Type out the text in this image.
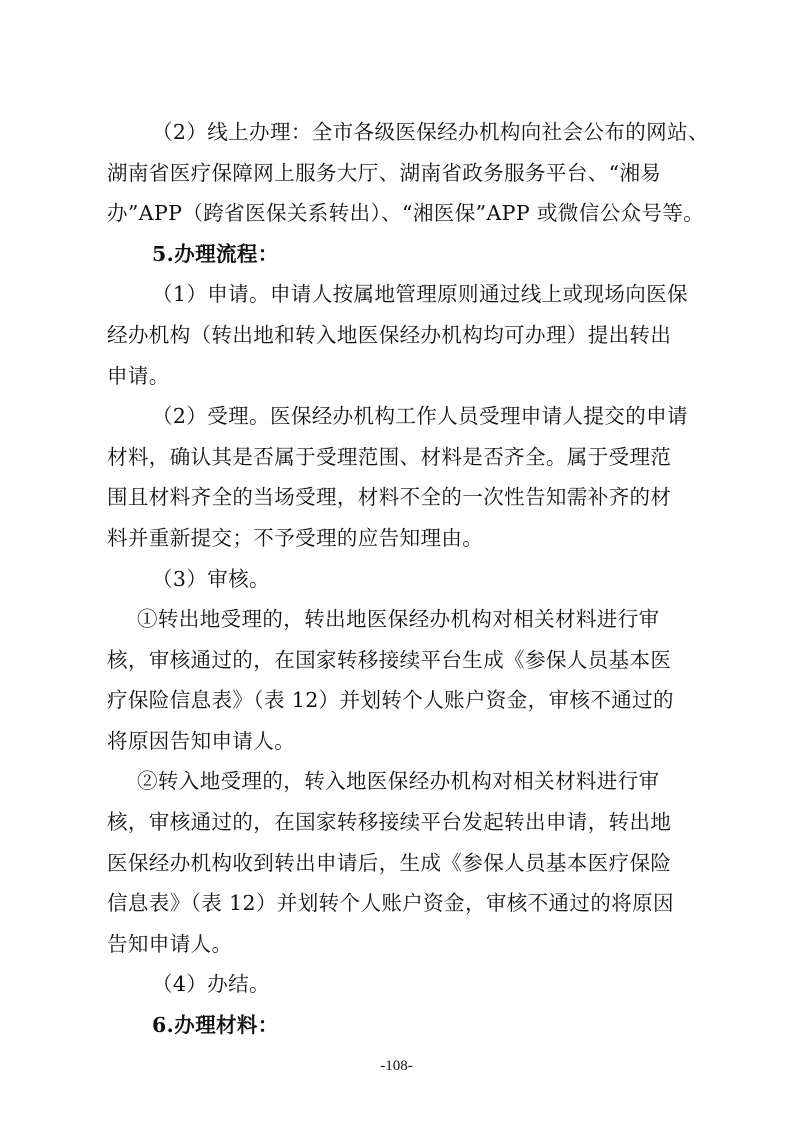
（2）线上办理：全市各级医保经办机构向社会公布的网站、
湖南省医疗保障网上服务大厅、湖南省政务服务平台、“湘易
办”APP（跨省医保关系转出）、“湘医保”APP 或微信公众号等。
5.办理流程：
（1）申请。申请人按属地管理原则通过线上或现场向医保
经办机构（转出地和转入地医保经办机构均可办理）提出转出
申请。
（2）受理。医保经办机构工作人员受理申请人提交的申请
材料，确认其是否属于受理范围、材料是否齐全。属于受理范
围且材料齐全的当场受理，材料不全的一次性告知需补齐的材
料并重新提交；不予受理的应告知理由。
（3）审核。
①转出地受理的，转出地医保经办机构对相关材料进行审
核，审核通过的，在国家转移接续平台生成《参保人员基本医
疗保险信息表》（表 12）并划转个人账户资金，审核不通过的
将原因告知申请人。
②转入地受理的，转入地医保经办机构对相关材料进行审
核，审核通过的，在国家转移接续平台发起转出申请，转出地
医保经办机构收到转出申请后，生成《参保人员基本医疗保险
信息表》（表 12）并划转个人账户资金，审核不通过的将原因
告知申请人。
（4）办结。
6.办理材料：
-108-
